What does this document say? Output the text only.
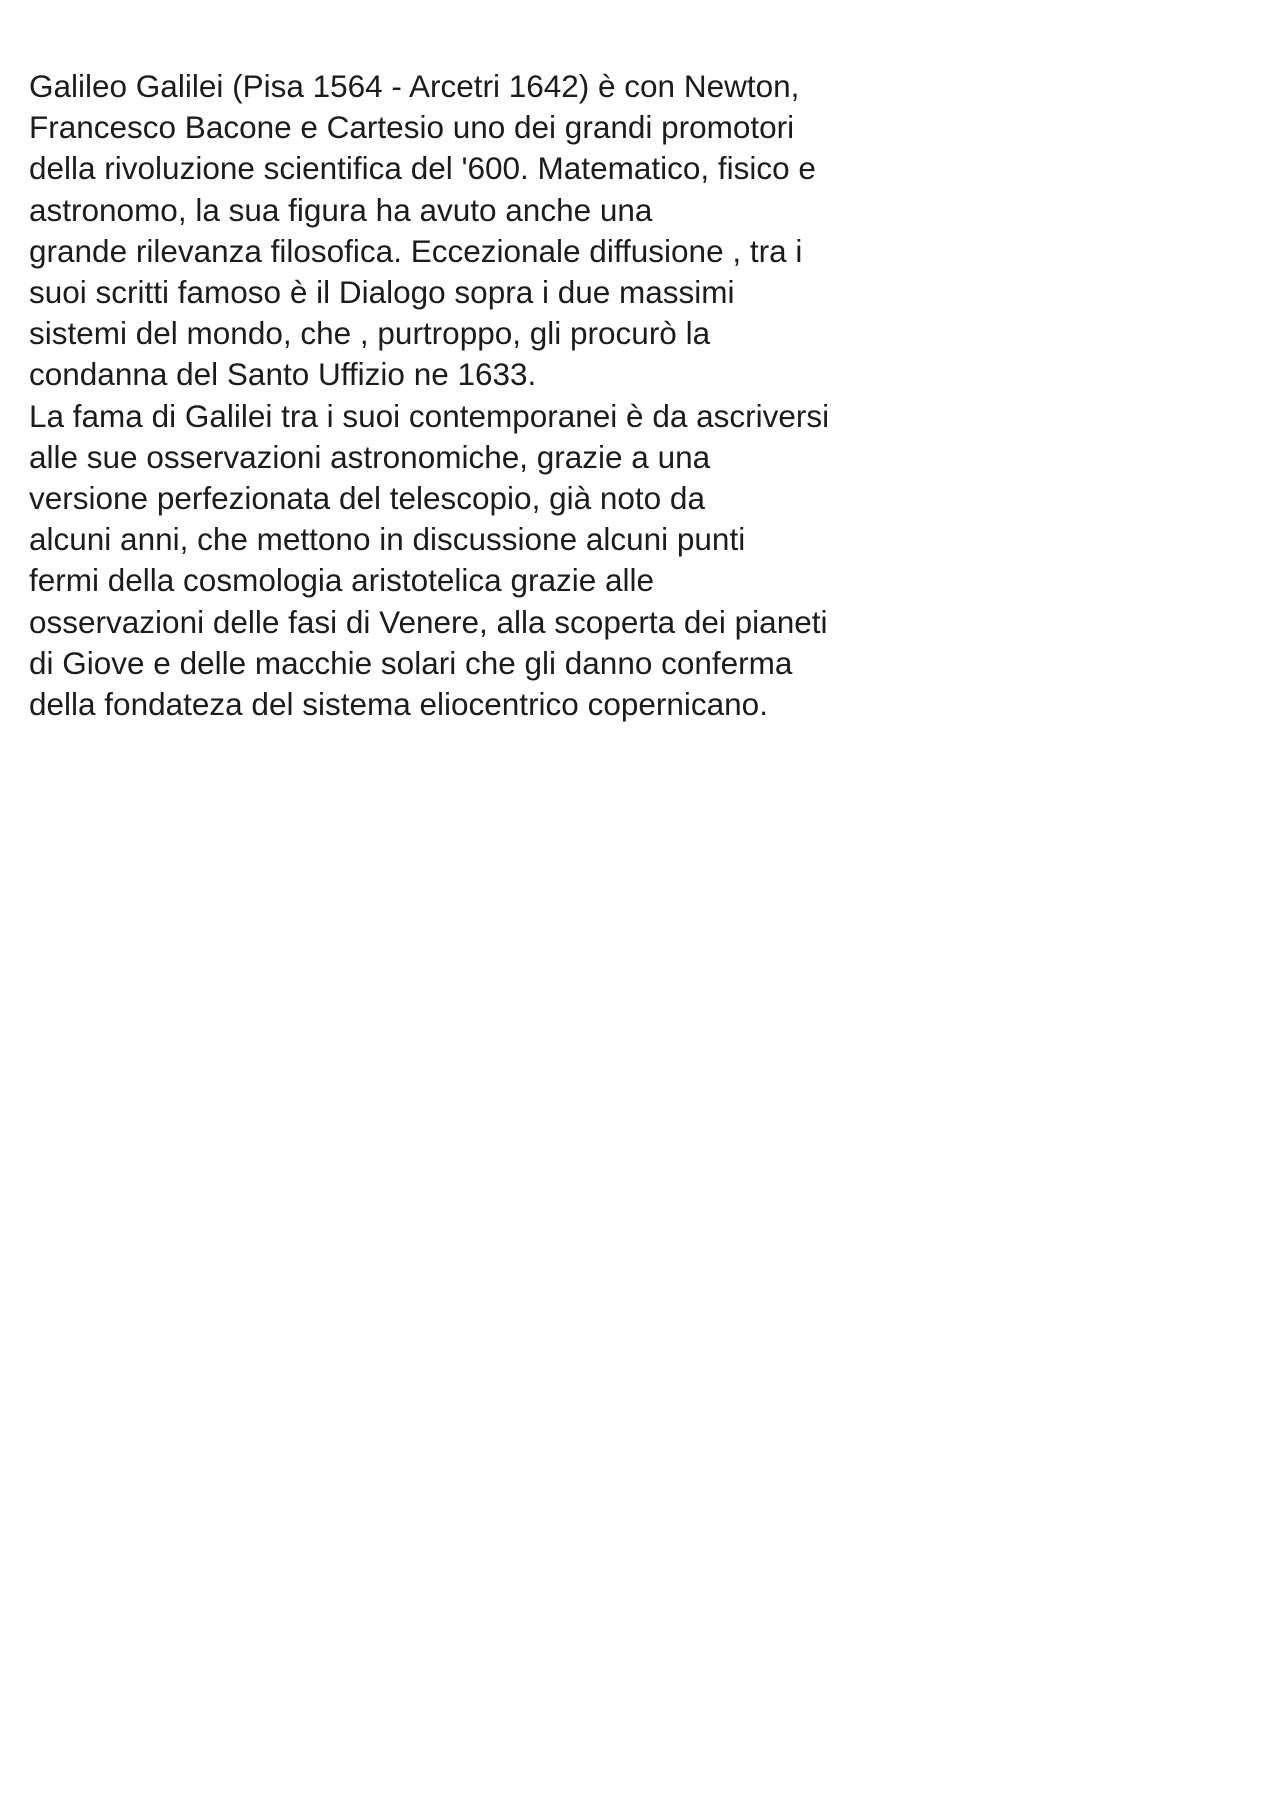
Galileo Galilei (Pisa 1564 - Arcetri 1642) è con Newton,
Francesco Bacone e Cartesio uno dei grandi promotori
della rivoluzione scientifica del '600. Matematico, fisico e
astronomo, la sua figura ha avuto anche una
grande rilevanza filosofica. Eccezionale diffusione , tra i
suoi scritti famoso è il Dialogo sopra i due massimi
sistemi del mondo, che , purtroppo, gli procurò la
condanna del Santo Uffizio ne 1633.
La fama di Galilei tra i suoi contemporanei è da ascriversi
alle sue osservazioni astronomiche, grazie a una
versione perfezionata del telescopio, già noto da
alcuni anni, che mettono in discussione alcuni punti
fermi della cosmologia aristotelica grazie alle
osservazioni delle fasi di Venere, alla scoperta dei pianeti
di Giove e delle macchie solari che gli danno conferma
della fondateza del sistema eliocentrico copernicano.
